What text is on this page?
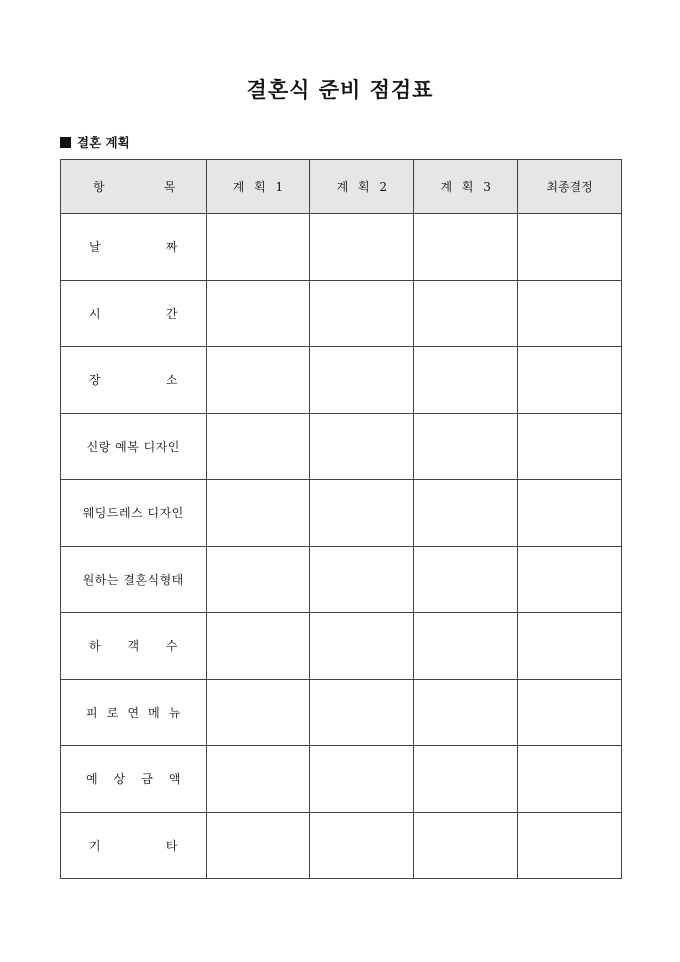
결혼식 준비 점검표
결혼 계획
항 목	계 획 1	계 획 2	계 획 3	최종결정

날 짜				

시 간				

장 소				

신랑 예복 디자인				

웨딩드레스 디자인				

원하는 결혼식형태				

하 객 수				

피 로 연 메 뉴				

예 상 금 액				

기 타				
